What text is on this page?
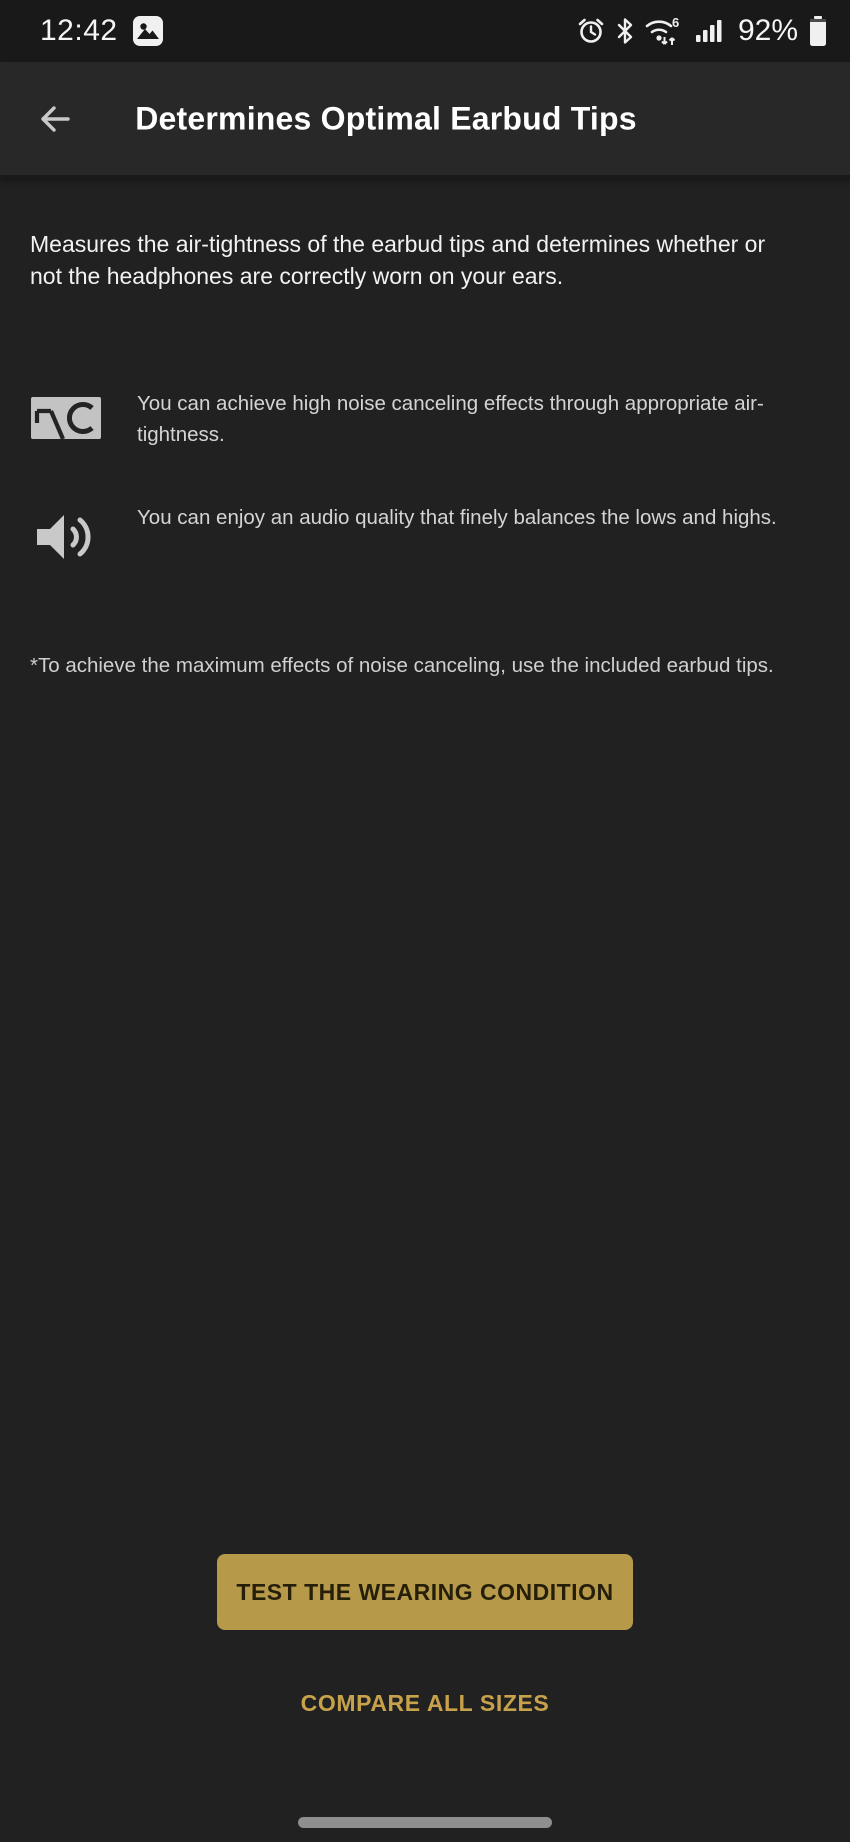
12:42	6 92%
Determines Optimal Earbud Tips

Measures the air-tightness of the earbud tips and determines whether or not the headphones are correctly worn on your ears.

You can achieve high noise canceling effects through appropriate air-tightness.

You can enjoy an audio quality that finely balances the lows and highs.

*To achieve the maximum effects of noise canceling, use the included earbud tips.

TEST THE WEARING CONDITION
COMPARE ALL SIZES
